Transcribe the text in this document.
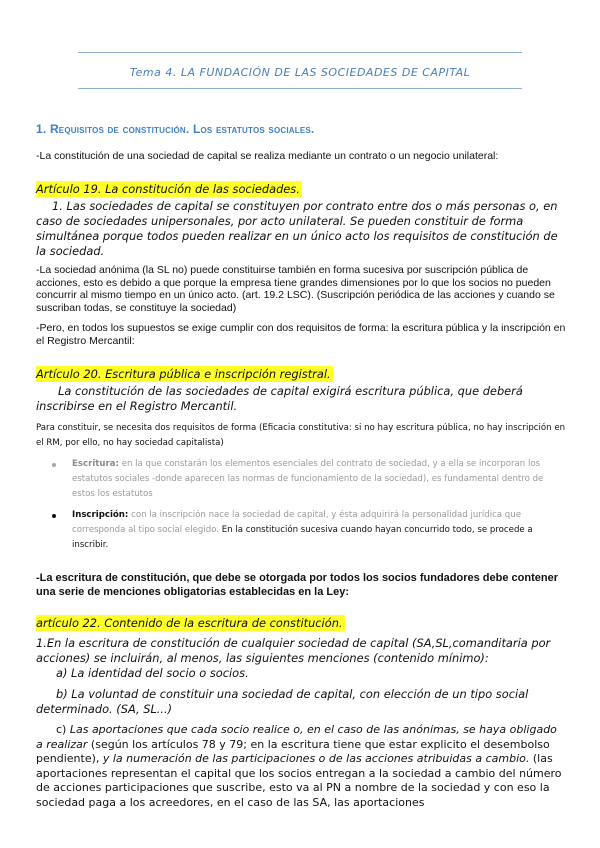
Tema 4. LA FUNDACIÓN DE LAS SOCIEDADES DE CAPITAL
1. Requisitos de constitución. Los estatutos sociales.

-La constitución de una sociedad de capital se realiza mediante un contrato o un negocio unilateral:

Artículo 19. La constitución de las sociedades.

1. Las sociedades de capital se constituyen por contrato entre dos o más personas o, en caso de sociedades unipersonales, por acto unilateral. Se pueden constituir de forma simultánea porque todos pueden realizar en un único acto los requisitos de constitución de la sociedad.

-La sociedad anónima (la SL no) puede constituirse también en forma sucesiva por suscripción pública de acciones, esto es debido a que porque la empresa tiene grandes dimensiones por lo que los socios no pueden concurrir al mismo tiempo en un único acto. (art. 19.2 LSC). (Suscripción periódica de las acciones y cuando se suscriban todas, se constituye la sociedad)

-Pero, en todos los supuestos se exige cumplir con dos requisitos de forma: la escritura pública y la inscripción en el Registro Mercantil:

Artículo 20. Escritura pública e inscripción registral.

La constitución de las sociedades de capital exigirá escritura pública, que deberá inscribirse en el Registro Mercantil.

Para constituir, se necesita dos requisitos de forma (Eficacia constitutiva: si no hay escritura pública, no hay inscripción en el RM, por ello, no hay sociedad capitalista)

Escritura: en la que constarán los elementos esenciales del contrato de sociedad, y a ella se incorporan los estatutos sociales -donde aparecen las normas de funcionamiento de la sociedad), es fundamental dentro de estos los estatutos

Inscripción: con la inscripción nace la sociedad de capital, y ésta adquirirá la personalidad jurídica que corresponda al tipo social elegido. En la constitución sucesiva cuando hayan concurrido todo, se procede a inscribir.

-La escritura de constitución, que debe se otorgada por todos los socios fundadores debe contener una serie de menciones obligatorias establecidas en la Ley:

artículo 22. Contenido de la escritura de constitución.

1.En la escritura de constitución de cualquier sociedad de capital (SA,SL,comanditaria por acciones) se incluirán, al menos, las siguientes menciones (contenido mínimo):

a) La identidad del socio o socios.

b) La voluntad de constituir una sociedad de capital, con elección de un tipo social determinado. (SA, SL...)

c) Las aportaciones que cada socio realice o, en el caso de las anónimas, se haya obligado a realizar (según los artículos 78 y 79; en la escritura tiene que estar explicito el desembolso pendiente), y la numeración de las participaciones o de las acciones atribuidas a cambio. (las aportaciones representan el capital que los socios entregan a la sociedad a cambio del número de acciones participaciones que suscribe, esto va al PN a nombre de la sociedad y con eso la sociedad paga a los acreedores, en el caso de las SA, las aportaciones
